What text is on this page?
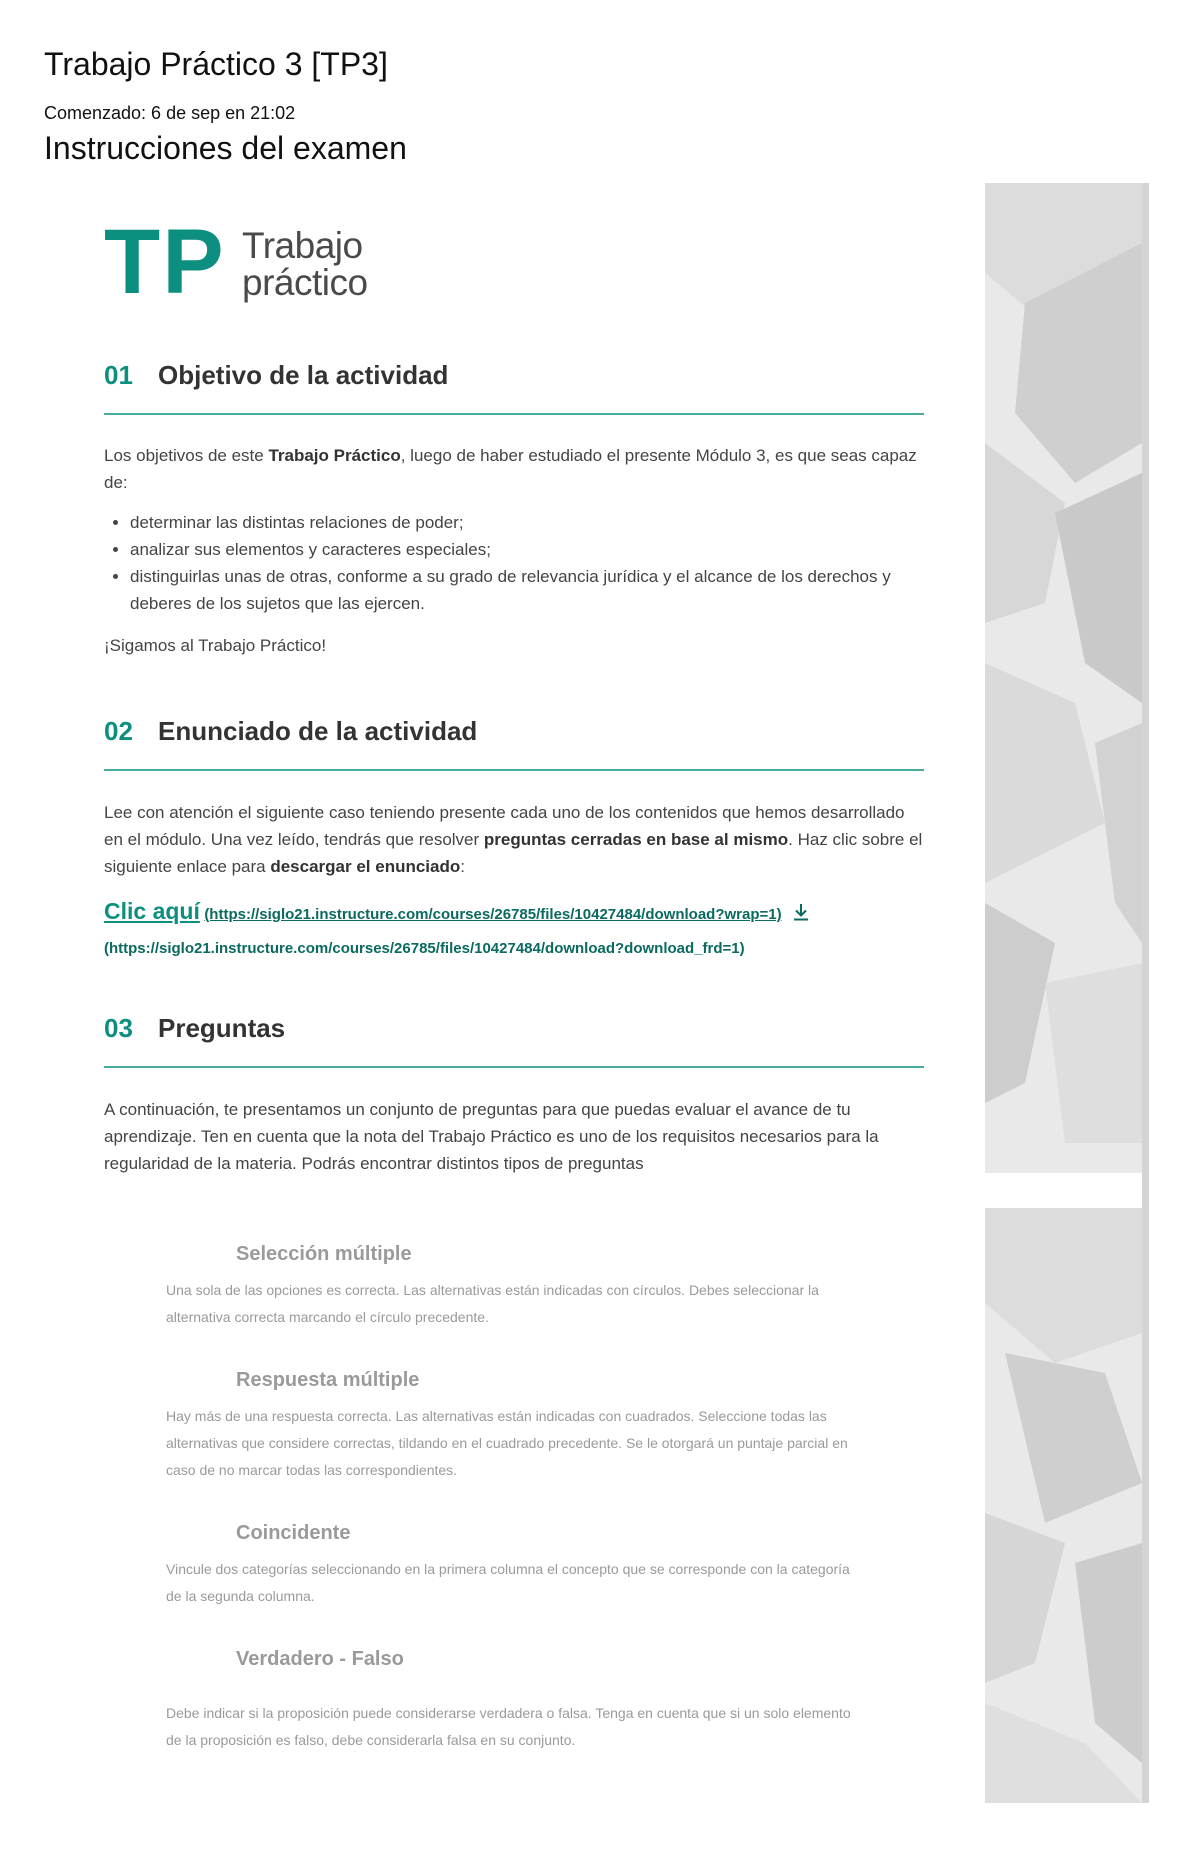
Trabajo Práctico 3 [TP3]
Comenzado: 6 de sep en 21:02
Instrucciones del examen
TP Trabajo
práctico
01 Objetivo de la actividad

Los objetivos de este Trabajo Práctico, luego de haber estudiado el presente Módulo 3, es que seas capaz de:

• determinar las distintas relaciones de poder;
• analizar sus elementos y caracteres especiales;
• distinguirlas unas de otras, conforme a su grado de relevancia jurídica y el alcance de los derechos y deberes de los sujetos que las ejercen.

¡Sigamos al Trabajo Práctico!

02 Enunciado de la actividad

Lee con atención el siguiente caso teniendo presente cada uno de los contenidos que hemos desarrollado en el módulo. Una vez leído, tendrás que resolver preguntas cerradas en base al mismo. Haz clic sobre el siguiente enlace para descargar el enunciado:

Clic aquí (https://siglo21.instructure.com/courses/26785/files/10427484/download?wrap=1)
(https://siglo21.instructure.com/courses/26785/files/10427484/download?download_frd=1)
03 Preguntas

A continuación, te presentamos un conjunto de preguntas para que puedas evaluar el avance de tu aprendizaje. Ten en cuenta que la nota del Trabajo Práctico es uno de los requisitos necesarios para la regularidad de la materia. Podrás encontrar distintos tipos de preguntas

Selección múltiple

Una sola de las opciones es correcta. Las alternativas están indicadas con círculos. Debes seleccionar la alternativa correcta marcando el círculo precedente.

Respuesta múltiple

Hay más de una respuesta correcta. Las alternativas están indicadas con cuadrados. Seleccione todas las alternativas que considere correctas, tildando en el cuadrado precedente. Se le otorgará un puntaje parcial en caso de no marcar todas las correspondientes.

Coincidente

Vincule dos categorías seleccionando en la primera columna el concepto que se corresponde con la categoría de la segunda columna.

Verdadero - Falso

Debe indicar si la proposición puede considerarse verdadera o falsa. Tenga en cuenta que si un solo elemento de la proposición es falso, debe considerarla falsa en su conjunto.
